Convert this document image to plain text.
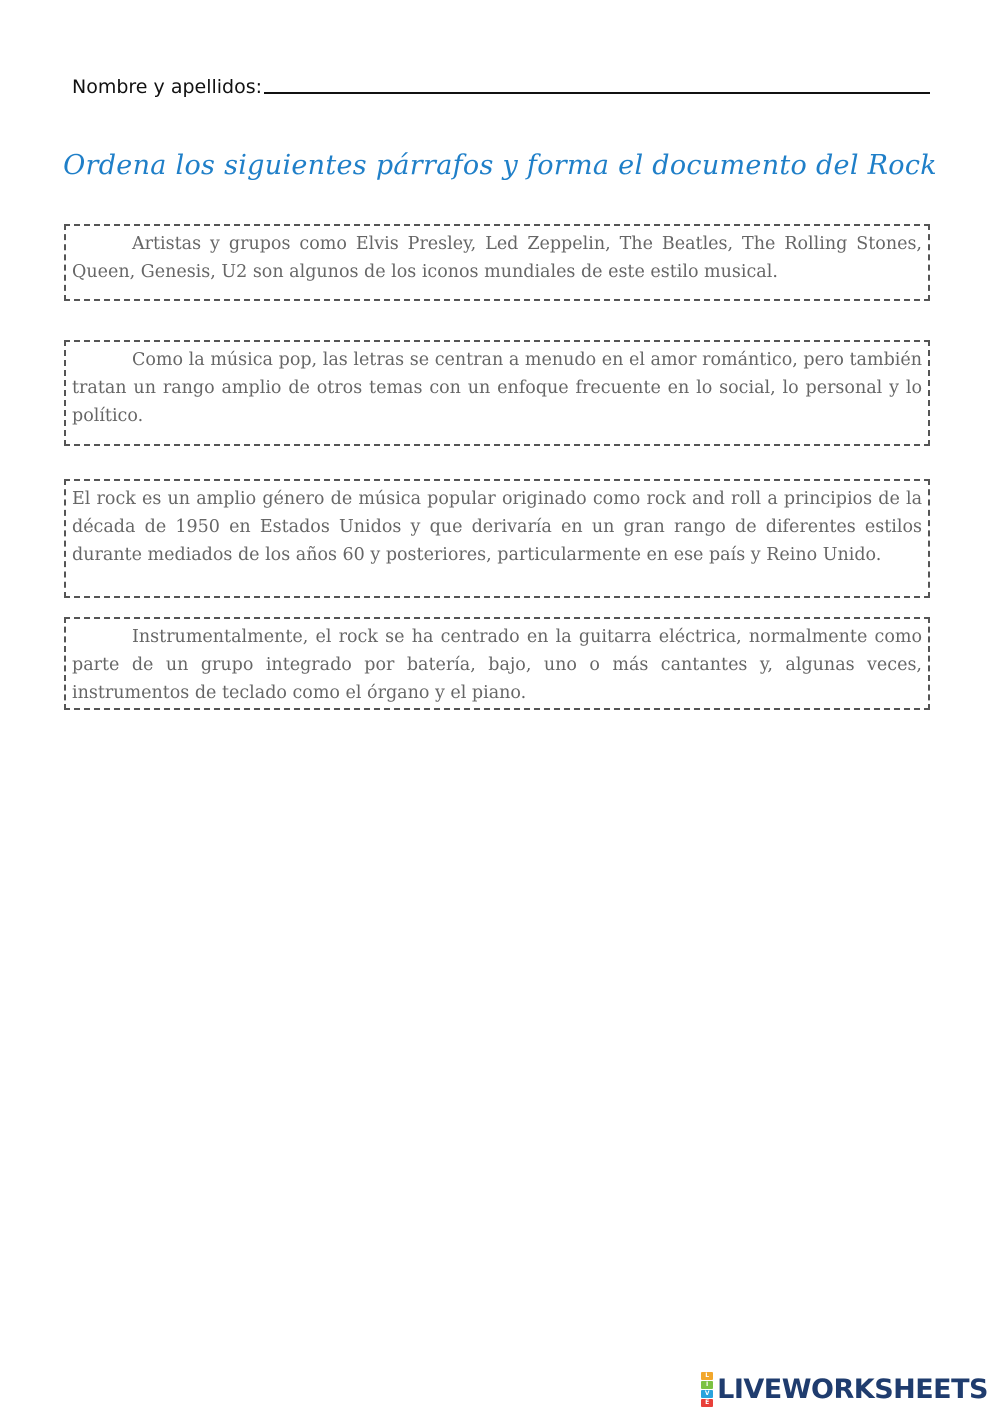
Nombre y apellidos:
Ordena los siguientes párrafos y forma el documento del Rock

Artistas y grupos como Elvis Presley, Led Zeppelin, The Beatles, The Rolling Stones, Queen, Genesis, U2 son algunos de los iconos mundiales de este estilo musical.

Como la música pop, las letras se centran a menudo en el amor romántico, pero también tratan un rango amplio de otros temas con un enfoque frecuente en lo social, lo personal y lo político.

El rock es un amplio género de música popular originado como rock and roll a principios de la década de 1950 en Estados Unidos y que derivaría en un gran rango de diferentes estilos durante mediados de los años 60 y posteriores, particularmente en ese país y Reino Unido.

Instrumentalmente, el rock se ha centrado en la guitarra eléctrica, normalmente como parte de un grupo integrado por batería, bajo, uno o más cantantes y, algunas veces, instrumentos de teclado como el órgano y el piano.

L
I
V
E LIVEWORKSHEETS
